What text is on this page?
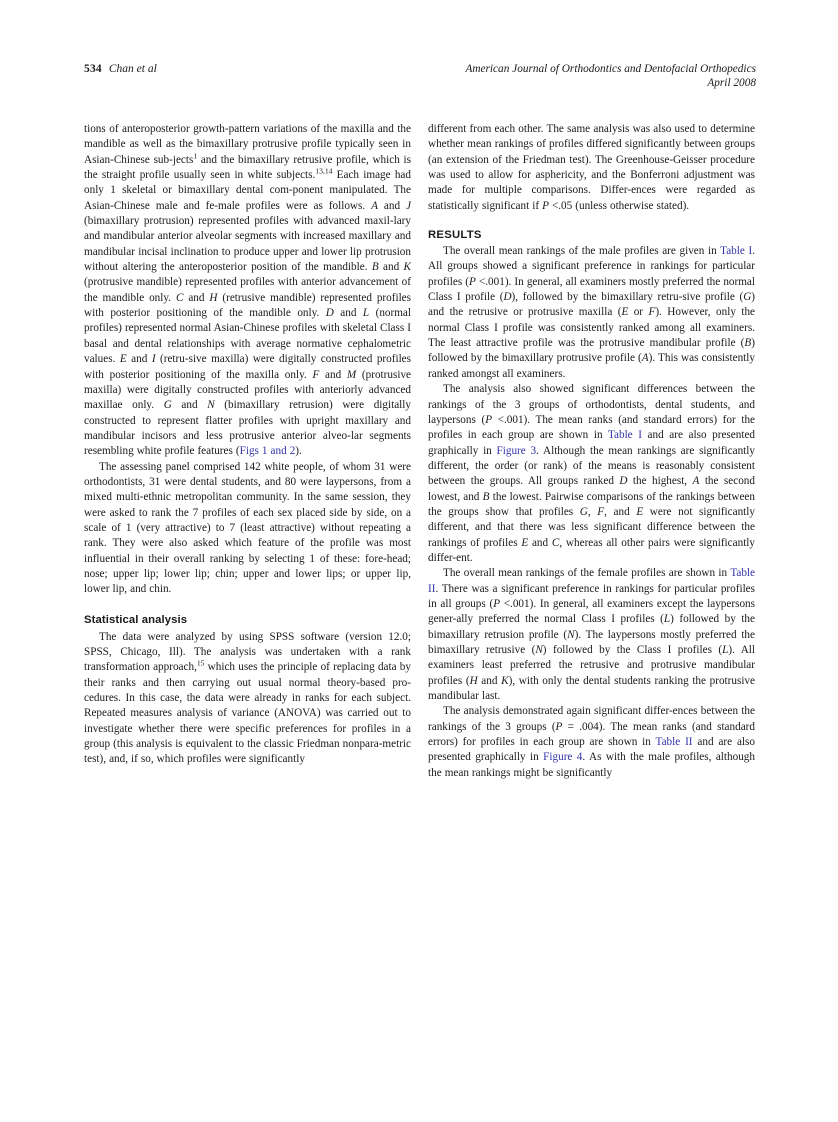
534 Chan et al	American Journal of Orthodontics and Dentofacial Orthopedics
April 2008

tions of anteroposterior growth-pattern variations of the maxilla and the mandible as well as the bimaxillary protrusive profile typically seen in Asian-Chinese sub-jects$^1$ and the bimaxillary retrusive profile, which is the straight profile usually seen in white subjects.$^{13,14}$ Each image had only 1 skeletal or bimaxillary dental com-ponent manipulated. The Asian-Chinese male and fe-male profiles were as follows. A and J (bimaxillary protrusion) represented profiles with advanced maxil-lary and mandibular anterior alveolar segments with increased maxillary and mandibular incisal inclination to produce upper and lower lip protrusion without altering the anteroposterior position of the mandible. B and K (protrusive mandible) represented profiles with anterior advancement of the mandible only. C and H (retrusive mandible) represented profiles with posterior positioning of the mandible only. D and L (normal profiles) represented normal Asian-Chinese profiles with skeletal Class I basal and dental relationships with average normative cephalometric values. E and I (retru-sive maxilla) were digitally constructed profiles with posterior positioning of the maxilla only. F and M (protrusive maxilla) were digitally constructed profiles with anteriorly advanced maxillae only. G and N (bimaxillary retrusion) were digitally constructed to represent flatter profiles with upright maxillary and mandibular incisors and less protrusive anterior alveo-lar segments resembling white profile features (Figs 1 and 2).

The assessing panel comprised 142 white people, of whom 31 were orthodontists, 31 were dental students, and 80 were laypersons, from a mixed multi-ethnic metropolitan community. In the same session, they were asked to rank the 7 profiles of each sex placed side by side, on a scale of 1 (very attractive) to 7 (least attractive) without repeating a rank. They were also asked which feature of the profile was most influential in their overall ranking by selecting 1 of these: fore-head; nose; upper lip; lower lip; chin; upper and lower lips; or upper lip, lower lip, and chin.

Statistical analysis

The data were analyzed by using SPSS software (version 12.0; SPSS, Chicago, Ill). The analysis was undertaken with a rank transformation approach,$^{15}$ which uses the principle of replacing data by their ranks and then carrying out usual normal theory-based pro-cedures. In this case, the data were already in ranks for each subject. Repeated measures analysis of variance (ANOVA) was carried out to investigate whether there were specific preferences for profiles in a group (this analysis is equivalent to the classic Friedman nonpara-metric test), and, if so, which profiles were significantly

different from each other. The same analysis was also used to determine whether mean rankings of profiles differed significantly between groups (an extension of the Friedman test). The Greenhouse-Geisser procedure was used to allow for asphericity, and the Bonferroni adjustment was made for multiple comparisons. Differ-ences were regarded as statistically significant if P <.05 (unless otherwise stated).

RESULTS

The overall mean rankings of the male profiles are given in Table I. All groups showed a significant preference in rankings for particular profiles (P <.001). In general, all examiners mostly preferred the normal Class I profile (D), followed by the bimaxillary retru-sive profile (G) and the retrusive or protrusive maxilla (E or F). However, only the normal Class I profile was consistently ranked among all examiners. The least attractive profile was the protrusive mandibular profile (B) followed by the bimaxillary protrusive profile (A). This was consistently ranked amongst all examiners.

The analysis also showed significant differences between the rankings of the 3 groups of orthodontists, dental students, and laypersons (P <.001). The mean ranks (and standard errors) for the profiles in each group are shown in Table I and are also presented graphically in Figure 3. Although the mean rankings are significantly different, the order (or rank) of the means is reasonably consistent between the groups. All groups ranked D the highest, A the second lowest, and B the lowest. Pairwise comparisons of the rankings between the groups show that profiles G, F, and E were not significantly different, and that there was less significant difference between the rankings of profiles E and C, whereas all other pairs were significantly differ-ent.

The overall mean rankings of the female profiles are shown in Table II. There was a significant preference in rankings for particular profiles in all groups (P <.001). In general, all examiners except the laypersons gener-ally preferred the normal Class I profiles (L) followed by the bimaxillary retrusion profile (N). The laypersons mostly preferred the bimaxillary retrusive (N) followed by the Class I profiles (L). All examiners least preferred the retrusive and protrusive mandibular profiles (H and K), with only the dental students ranking the protrusive mandibular last.

The analysis demonstrated again significant differ-ences between the rankings of the 3 groups (P = .004). The mean ranks (and standard errors) for profiles in each group are shown in Table II and are also presented graphically in Figure 4. As with the male profiles, although the mean rankings might be significantly
